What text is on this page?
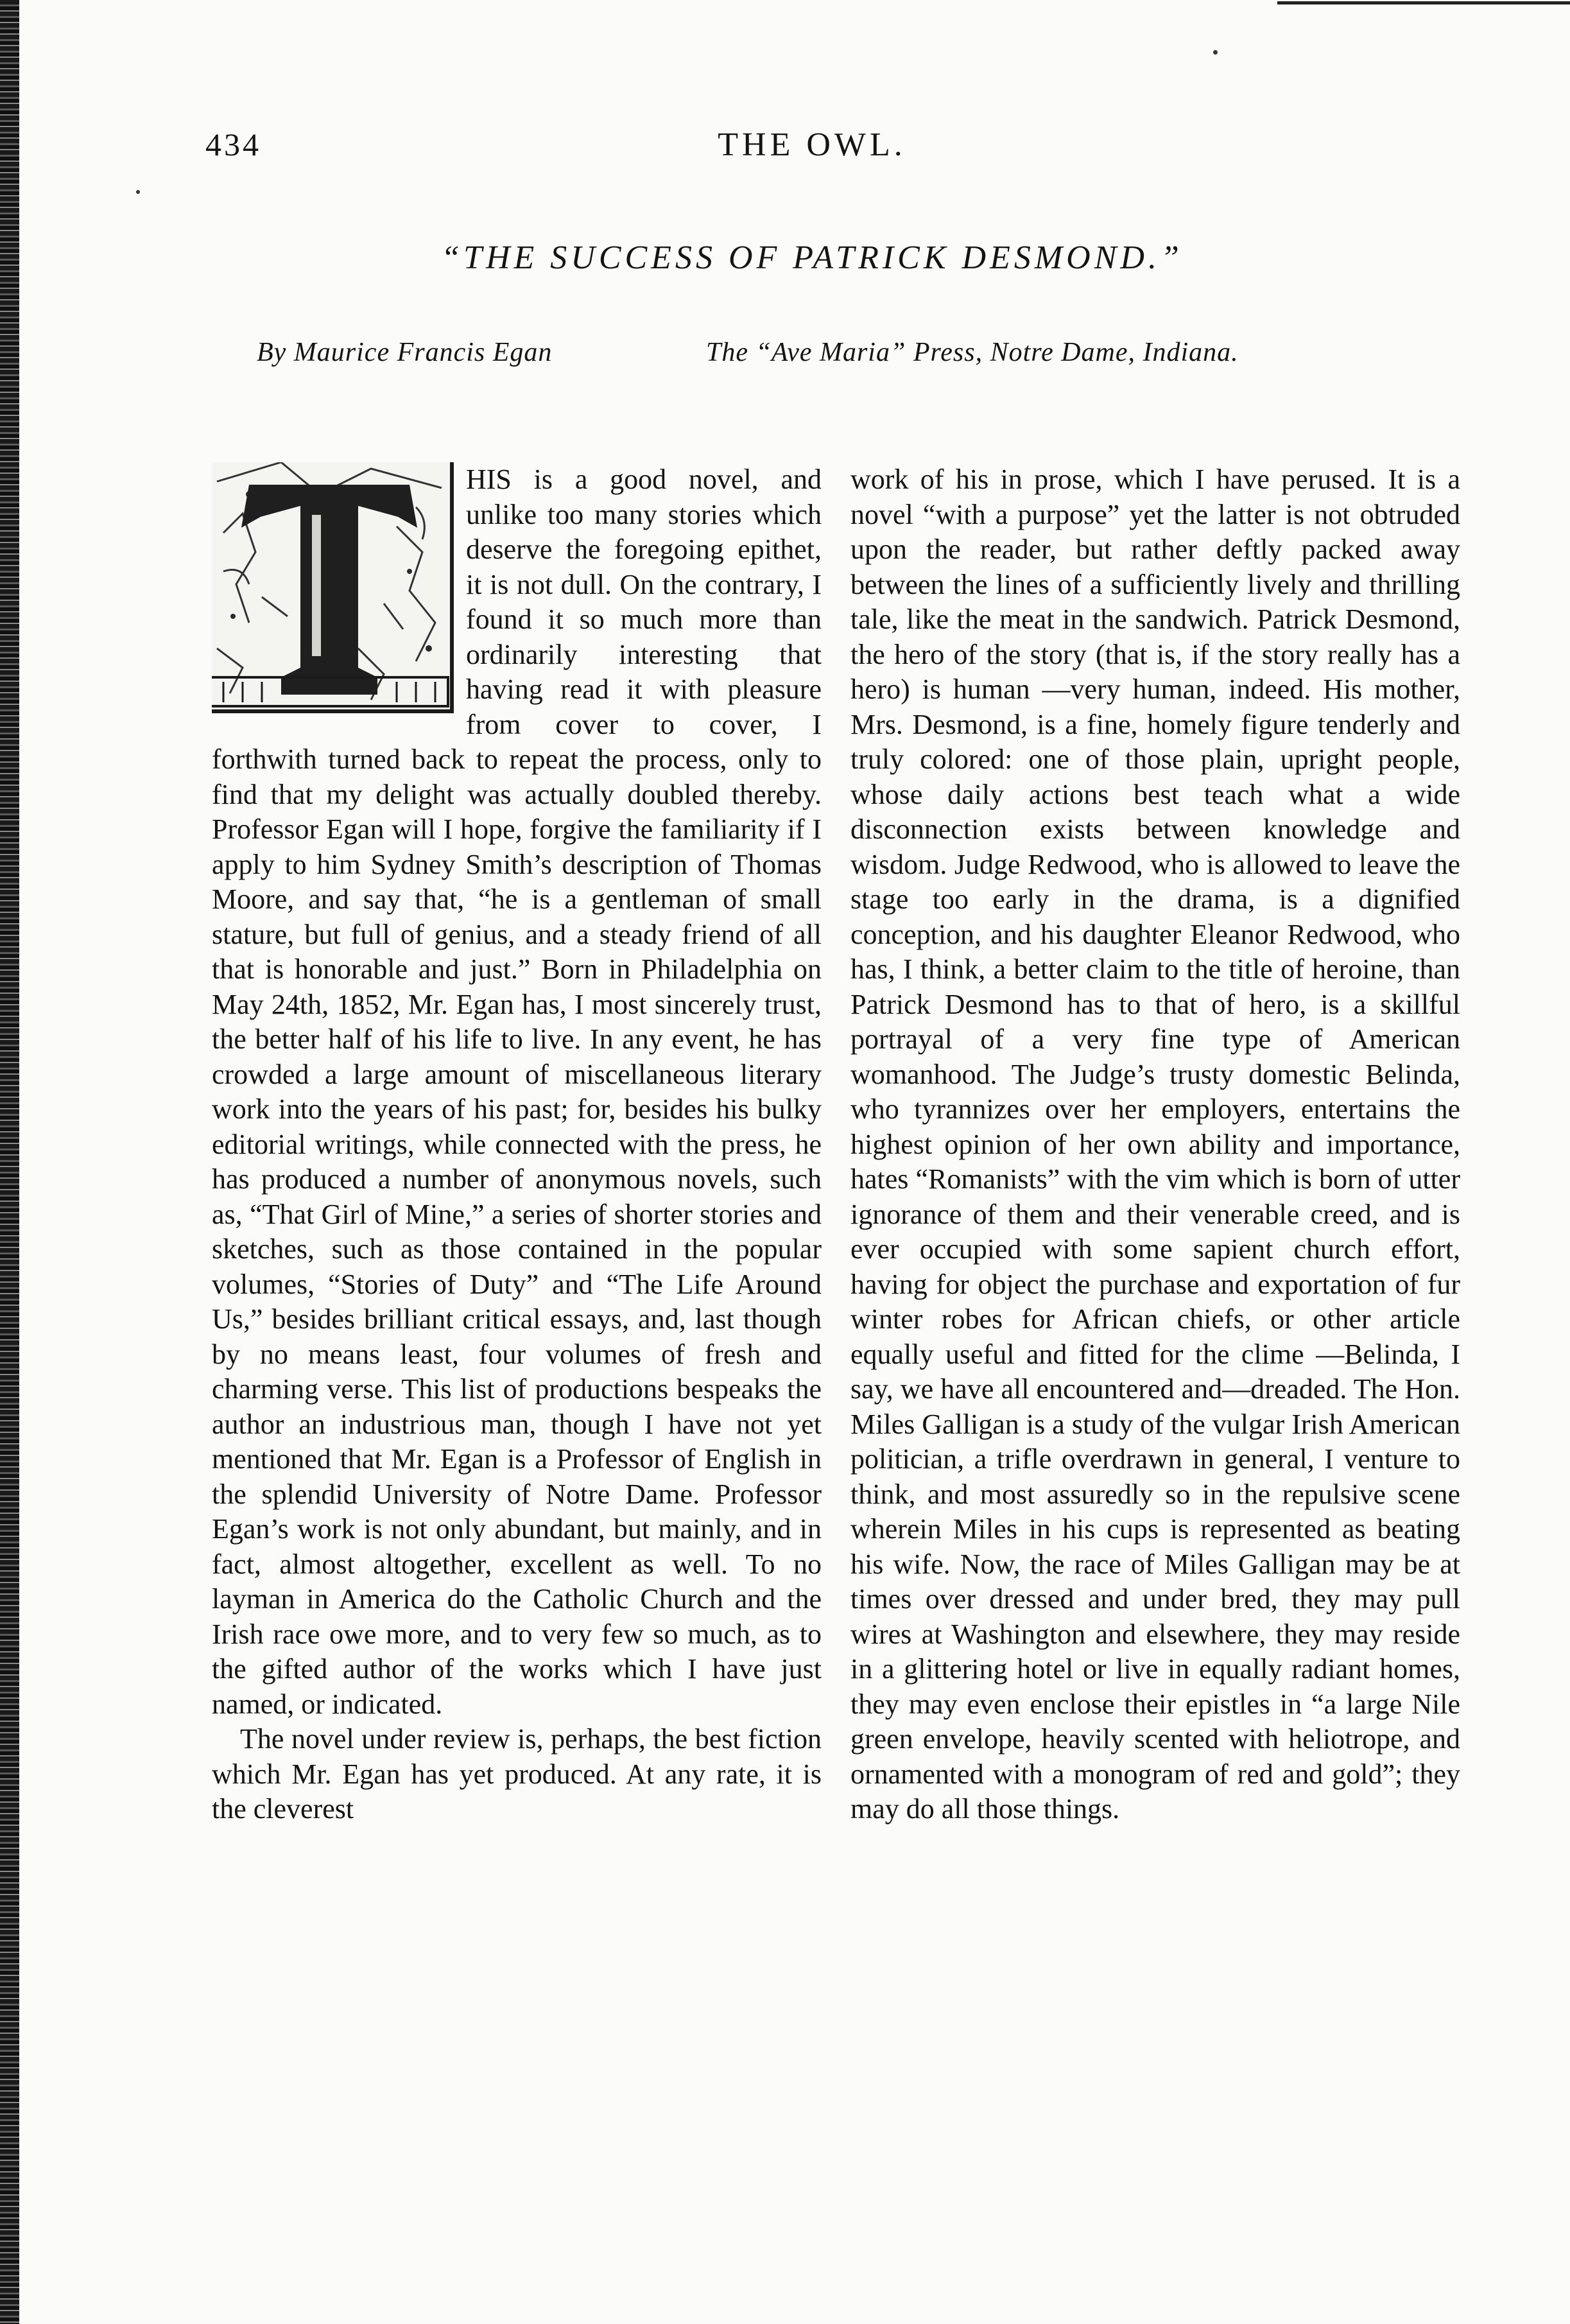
434	THE OWL.
“THE SUCCESS OF PATRICK DESMOND.”
By Maurice Francis Egan	The “Ave Maria” Press, Notre Dame, Indiana.

HIS is a good novel, and unlike too many stories which deserve the foregoing epithet, it is not dull. On the contrary, I found it so much more than ordinarily interesting that having read it with pleasure from cover to cover, I forthwith turned back to repeat the process, only to find that my delight was actually doubled thereby. Professor Egan will I hope, forgive the familiarity if I apply to him Sydney Smith’s description of Thomas Moore, and say that, “he is a gentleman of small stature, but full of genius, and a steady friend of all that is honorable and just.” Born in Philadelphia on May 24th, 1852, Mr. Egan has, I most sincerely trust, the better half of his life to live. In any event, he has crowded a large amount of miscellaneous literary work into the years of his past; for, besides his bulky editorial writings, while connected with the press, he has produced a number of anonymous novels, such as, “That Girl of Mine,” a series of shorter stories and sketches, such as those contained in the popular volumes, “Stories of Duty” and “The Life Around Us,” besides brilliant critical essays, and, last though by no means least, four volumes of fresh and charming verse. This list of productions bespeaks the author an industrious man, though I have not yet mentioned that Mr. Egan is a Professor of English in the splendid University of Notre Dame. Professor Egan’s work is not only abundant, but mainly, and in fact, almost altogether, excellent as well. To no layman in America do the Catholic Church and the Irish race owe more, and to very few so much, as to the gifted author of the works which I have just named, or indicated.

The novel under review is, perhaps, the best fiction which Mr. Egan has yet produced. At any rate, it is the cleverest

work of his in prose, which I have perused. It is a novel “with a purpose” yet the latter is not obtruded upon the reader, but rather deftly packed away between the lines of a sufficiently lively and thrilling tale, like the meat in the sandwich. Patrick Desmond, the hero of the story (that is, if the story really has a hero) is human —very human, indeed. His mother, Mrs. Desmond, is a fine, homely figure tenderly and truly colored: one of those plain, upright people, whose daily actions best teach what a wide disconnection exists between knowledge and wisdom. Judge Redwood, who is allowed to leave the stage too early in the drama, is a dignified conception, and his daughter Eleanor Redwood, who has, I think, a better claim to the title of heroine, than Patrick Desmond has to that of hero, is a skillful portrayal of a very fine type of American womanhood. The Judge’s trusty domestic Belinda, who tyrannizes over her employers, entertains the highest opinion of her own ability and importance, hates “Romanists” with the vim which is born of utter ignorance of them and their venerable creed, and is ever occupied with some sapient church effort, having for object the purchase and exportation of fur winter robes for African chiefs, or other article equally useful and fitted for the clime —Belinda, I say, we have all encountered and—dreaded. The Hon. Miles Galligan is a study of the vulgar Irish American politician, a trifle overdrawn in general, I venture to think, and most assuredly so in the repulsive scene wherein Miles in his cups is represented as beating his wife. Now, the race of Miles Galligan may be at times over dressed and under bred, they may pull wires at Washington and elsewhere, they may reside in a glittering hotel or live in equally radiant homes, they may even enclose their epistles in “a large Nile green envelope, heavily scented with heliotrope, and ornamented with a monogram of red and gold”; they may do all those things.
